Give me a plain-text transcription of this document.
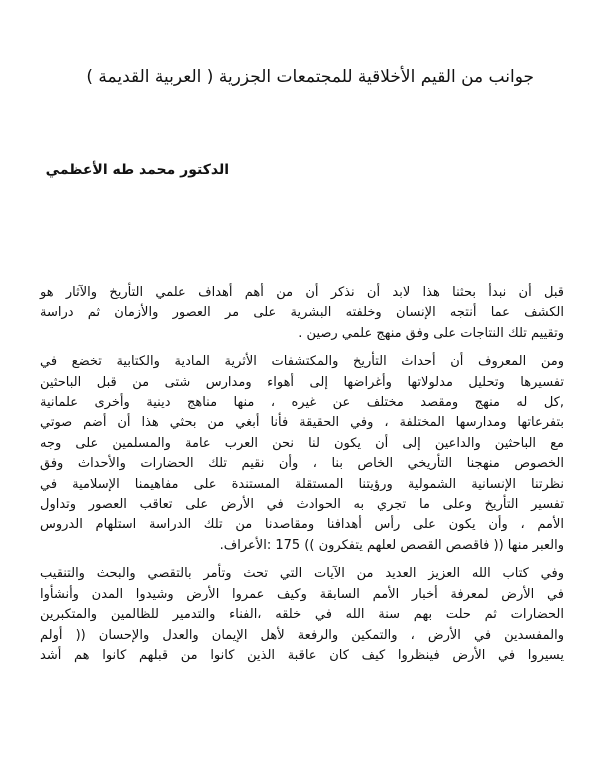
جوانب من القيم الأخلاقية للمجتمعات الجزرية ( العربية القديمة )
الدكتور محمد طه الأعظمي

قبل أن نبدأ بحثنا هذا لابد أن نذكر أن من أهم أهداف علمي التأريخ والآثار هو
الكشف عما أنتجه الإنسان وخلفته البشرية على مر العصور والأزمان ثم دراسة
وتقييم تلك النتاجات على وفق منهج علمي رصين .

ومن المعروف أن أحداث التأريخ والمكتشفات الأثرية المادية والكتابية تخضع في
تفسيرها وتحليل مدلولاتها وأغراضها إلى أهواء ومدارس شتى من قبل الباحثين
,كل له منهج ومقصد مختلف عن غيره ، منها مناهج دينية وأخرى علمانية
بتفرعاتها ومدارسها المختلفة ، وفي الحقيقة فأنا أبغي من بحثي هذا أن أضم صوتي
مع الباحثين والداعين إلى أن يكون لنا نحن العرب عامة والمسلمين على وجه
الخصوص منهجنا التأريخي الخاص بنا ، وأن نقيم تلك الحضارات والأحداث وفق
نظرتنا الإنسانية الشمولية ورؤيتنا المستقلة المستندة على مفاهيمنا الإسلامية في
تفسير التأريخ وعلى ما تجري به الحوادث في الأرض على تعاقب العصور وتداول
الأمم ، وأن يكون على رأس أهدافنا ومقاصدنا من تلك الدراسة استلهام الدروس
والعبر منها (( فاقصص القصص لعلهم يتفكرون )) 175 :الأعراف.

وفي كتاب الله العزيز العديد من الآيات التي تحث وتأمر بالتقصي والبحث والتنقيب
في الأرض لمعرفة أخبار الأمم السابقة وكيف عمروا الأرض وشيدوا المدن وأنشأوا
الحضارات ثم حلت بهم سنة الله في خلقه ،الفناء والتدمير للظالمين والمتكبرين
والمفسدين في الأرض ، والتمكين والرفعة لأهل الإيمان والعدل والإحسان (( أولم
يسيروا في الأرض فينظروا كيف كان عاقبة الذين كانوا من قبلهم كانوا هم أشد
